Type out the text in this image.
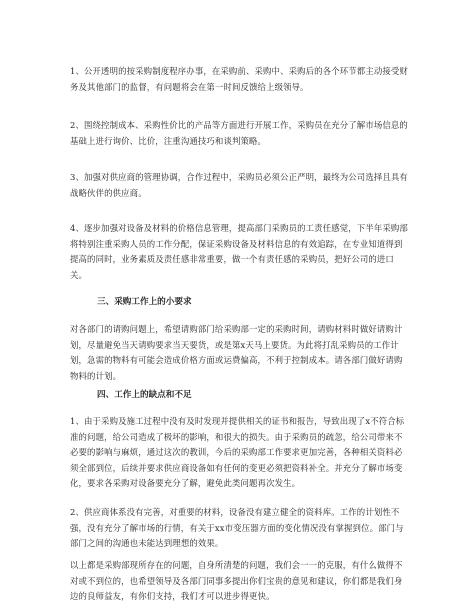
1、公开透明的按采购制度程序办事，在采购前、采购中、采购后的各个环节都主动接受财务及其他部门的监督，有问题将会在第一时间反馈给上级领导。

2、围绕控制成本、采购性价比的产品等方面进行开展工作，采购员在充分了解市场信息的基础上进行询价、比价，注重沟通技巧和谈判策略。

3、加强对供应商的管理协调，合作过程中，采购员必须公正严明，最终为公司选择且具有战略伙伴的供应商。

4、逐步加强对设备及材料的价格信息管理，提高部门采购员的工责任感觉，下半年采购部将特别注重采购人员的工作分配，保证采购设备及材料信息的有效追踪，在专业知道得到提高的同时，业务素质及责任感非常重要，做一个有责任感的采购员，把好公司的进口关。

三、采购工作上的小要求

对各部门的请购问题上，希望请购部门给采购部一定的采购时间，请购材料时做好请购计划，尽量避免当天请购要求当天要货，或是第x天马上要货。为此将打乱采购员的工作计划，急需的物料有可能会造成价格方面或运费偏高，不利于控制成本。请各部门做好请购物料的计划。

四、工作上的缺点和不足

1、由于采购及施工过程中没有及时发现并提供相关的证书和报告，导致出现了x不符合标准的问题，给公司造成了极坏的影响，和很大的损失。由于采购员的疏忽，给公司带来不必要的影响与麻烦，通过这次的教训，今后的采购部工作要求更加完善，各种相关资料必须全部到位，后续并要求供应商设备如有任何的变更必须把资料补全。并充分了解市场变化，要求各采购对设备要充分了解，避免此类问题再次发生。

2、供应商体系没有完善，对重要的材料，设备没有建立健全的资料库。工作的计划性不强，没有充分了解市场的行情，有关于xx市变压器方面的变化情况没有掌握到位。部门与部门之间的沟通也未能达到理想的效果。

以上都是采购部现所存在的问题，自身所清楚的问题，我们会一一的克服，有什么做得不对或不到位的，也希望领导及各部门同事多提出你们宝贵的意见和建议，你们都是我们身边的良师益友，有你们支持，我们才可以进步得更快。
